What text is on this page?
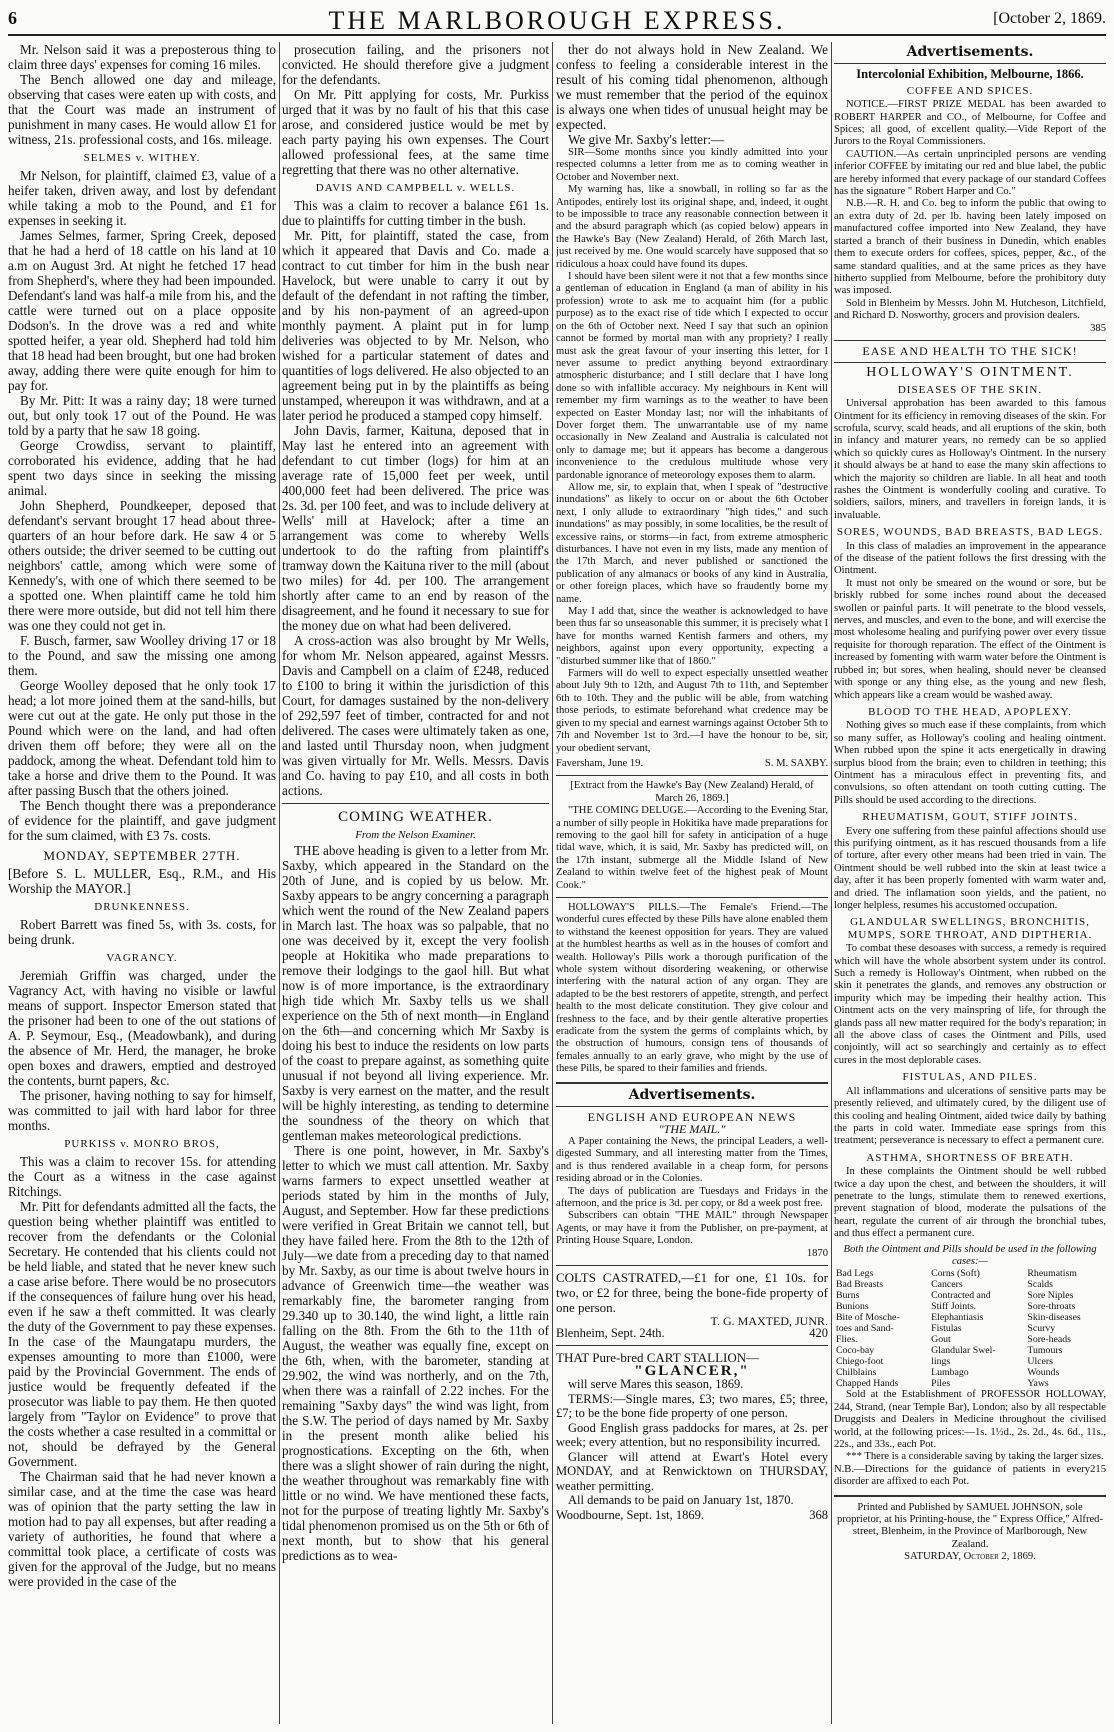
6	THE MARLBOROUGH EXPRESS.	[October 2, 1869.

Mr. Nelson said it was a preposterous thing to claim three days' expenses for coming 16 miles.

The Bench allowed one day and mileage, observing that cases were eaten up with costs, and that the Court was made an instrument of punishment in many cases. He would allow £1 for witness, 21s. professional costs, and 16s. mileage.

SELMES v. WITHEY.

Mr Nelson, for plaintiff, claimed £3, value of a heifer taken, driven away, and lost by defendant while taking a mob to the Pound, and £1 for expenses in seeking it.

James Selmes, farmer, Spring Creek, deposed that he had a herd of 18 cattle on his land at 10 a.m on August 3rd. At night he fetched 17 head from Shepherd's, where they had been impounded. Defendant's land was half-a mile from his, and the cattle were turned out on a place opposite Dodson's. In the drove was a red and white spotted heifer, a year old. Shepherd had told him that 18 head had been brought, but one had broken away, adding there were quite enough for him to pay for.

By Mr. Pitt: It was a rainy day; 18 were turned out, but only took 17 out of the Pound. He was told by a party that he saw 18 going.

George Crowdiss, servant to plaintiff, corroborated his evidence, adding that he had spent two days since in seeking the missing animal.

John Shepherd, Poundkeeper, deposed that defendant's servant brought 17 head about three-quarters of an hour before dark. He saw 4 or 5 others outside; the driver seemed to be cutting out neighbors' cattle, among which were some of Kennedy's, with one of which there seemed to be a spotted one. When plaintiff came he told him there were more outside, but did not tell him there was one they could not get in.

F. Busch, farmer, saw Woolley driving 17 or 18 to the Pound, and saw the missing one among them.

George Woolley deposed that he only took 17 head; a lot more joined them at the sand-hills, but were cut out at the gate. He only put those in the Pound which were on the land, and had often driven them off before; they were all on the paddock, among the wheat. Defendant told him to take a horse and drive them to the Pound. It was after passing Busch that the others joined.

The Bench thought there was a preponderance of evidence for the plaintiff, and gave judgment for the sum claimed, with £3 7s. costs.

MONDAY, SEPTEMBER 27TH.

[Before S. L. MULLER, Esq., R.M., and His Worship the MAYOR.]

DRUNKENNESS.

Robert Barrett was fined 5s, with 3s. costs, for being drunk.

VAGRANCY.

Jeremiah Griffin was charged, under the Vagrancy Act, with having no visible or lawful means of support. Inspector Emerson stated that the prisoner had been to one of the out stations of A. P. Seymour, Esq., (Meadowbank), and during the absence of Mr. Herd, the manager, he broke open boxes and drawers, emptied and destroyed the contents, burnt papers, &c.

The prisoner, having nothing to say for himself, was committed to jail with hard labor for three months.

PURKISS v. MONRO BROS,

This was a claim to recover 15s. for attending the Court as a witness in the case against Ritchings.

Mr. Pitt for defendants admitted all the facts, the question being whether plaintiff was entitled to recover from the defendants or the Colonial Secretary. He contended that his clients could not be held liable, and stated that he never knew such a case arise before. There would be no prosecutors if the consequences of failure hung over his head, even if he saw a theft committed. It was clearly the duty of the Government to pay these expenses. In the case of the Maungatapu murders, the expenses amounting to more than £1000, were paid by the Provincial Government. The ends of justice would be frequently defeated if the prosecutor was liable to pay them. He then quoted largely from "Taylor on Evidence" to prove that the costs whether a case resulted in a committal or not, should be defrayed by the General Government.

The Chairman said that he had never known a similar case, and at the time the case was heard was of opinion that the party setting the law in motion had to pay all expenses, but after reading a variety of authorities, he found that where a committal took place, a certificate of costs was given for the approval of the Judge, but no means were provided in the case of the

prosecution failing, and the prisoners not convicted. He should therefore give a judgment for the defendants.

On Mr. Pitt applying for costs, Mr. Purkiss urged that it was by no fault of his that this case arose, and considered justice would be met by each party paying his own expenses. The Court allowed professional fees, at the same time regretting that there was no other alternative.

DAVIS AND CAMPBELL v. WELLS.

This was a claim to recover a balance £61 1s. due to plaintiffs for cutting timber in the bush.

Mr. Pitt, for plaintiff, stated the case, from which it appeared that Davis and Co. made a contract to cut timber for him in the bush near Havelock, but were unable to carry it out by default of the defendant in not rafting the timber, and by his non-payment of an agreed-upon monthly payment. A plaint put in for lump deliveries was objected to by Mr. Nelson, who wished for a particular statement of dates and quantities of logs delivered. He also objected to an agreement being put in by the plaintiffs as being unstamped, whereupon it was withdrawn, and at a later period he produced a stamped copy himself.

John Davis, farmer, Kaituna, deposed that in May last he entered into an agreement with defendant to cut timber (logs) for him at an average rate of 15,000 feet per week, until 400,000 feet had been delivered. The price was 2s. 3d. per 100 feet, and was to include delivery at Wells' mill at Havelock; after a time an arrangement was come to whereby Wells undertook to do the rafting from plaintiff's tramway down the Kaituna river to the mill (about two miles) for 4d. per 100. The arrangement shortly after came to an end by reason of the disagreement, and he found it necessary to sue for the money due on what had been delivered.

A cross-action was also brought by Mr Wells, for whom Mr. Nelson appeared, against Messrs. Davis and Campbell on a claim of £248, reduced to £100 to bring it within the jurisdiction of this Court, for damages sustained by the non-delivery of 292,597 feet of timber, contracted for and not delivered. The cases were ultimately taken as one, and lasted until Thursday noon, when judgment was given virtually for Mr. Wells. Messrs. Davis and Co. having to pay £10, and all costs in both actions.

COMING WEATHER.
From the Nelson Examiner.

THE above heading is given to a letter from Mr. Saxby, which appeared in the Standard on the 20th of June, and is copied by us below. Mr. Saxby appears to be angry concerning a paragraph which went the round of the New Zealand papers in March last. The hoax was so palpable, that no one was deceived by it, except the very foolish people at Hokitika who made preparations to remove their lodgings to the gaol hill. But what now is of more importance, is the extraordinary high tide which Mr. Saxby tells us we shall experience on the 5th of next month—in England on the 6th—and concerning which Mr Saxby is doing his best to induce the residents on low parts of the coast to prepare against, as something quite unusual if not beyond all living experience. Mr. Saxby is very earnest on the matter, and the result will be highly interesting, as tending to determine the soundness of the theory on which that gentleman makes meteorological predictions.

There is one point, however, in Mr. Saxby's letter to which we must call attention. Mr. Saxby warns farmers to expect unsettled weather at periods stated by him in the months of July, August, and September. How far these predictions were verified in Great Britain we cannot tell, but they have failed here. From the 8th to the 12th of July—we date from a preceding day to that named by Mr. Saxby, as our time is about twelve hours in advance of Greenwich time—the weather was remarkably fine, the barometer ranging from 29.340 up to 30.140, the wind light, a little rain falling on the 8th. From the 6th to the 11th of August, the weather was equally fine, except on the 6th, when, with the barometer, standing at 29.902, the wind was northerly, and on the 7th, when there was a rainfall of 2.22 inches. For the remaining "Saxby days" the wind was light, from the S.W. The period of days named by Mr. Saxby in the present month alike belied his prognostications. Excepting on the 6th, when there was a slight shower of rain during the night, the weather throughout was remarkably fine with little or no wind. We have mentioned these facts, not for the purpose of treating lightly Mr. Saxby's tidal phenomenon promised us on the 5th or 6th of next month, but to show that his general predictions as to wea-

ther do not always hold in New Zealand. We confess to feeling a considerable interest in the result of his coming tidal phenomenon, although we must remember that the period of the equinox is always one when tides of unusual height may be expected.

We give Mr. Saxby's letter:—

SIR—Some months since you kindly admitted into your respected columns a letter from me as to coming weather in October and November next.

My warning has, like a snowball, in rolling so far as the Antipodes, entirely lost its original shape, and, indeed, it ought to be impossible to trace any reasonable connection between it and the absurd paragraph which (as copied below) appears in the Hawke's Bay (New Zealand) Herald, of 26th March last, just received by me. One would scarcely have supposed that so ridiculous a hoax could have found its dupes.

I should have been silent were it not that a few months since a gentleman of education in England (a man of ability in his profession) wrote to ask me to acquaint him (for a public purpose) as to the exact rise of tide which I expected to occur on the 6th of October next. Need I say that such an opinion cannot be formed by mortal man with any propriety? I really must ask the great favour of your inserting this letter, for I never assume to predict anything beyond extraordinary atmospheric disturbance; and I still declare that I have long done so with infallible accuracy. My neighbours in Kent will remember my firm warnings as to the weather to have been expected on Easter Monday last; nor will the inhabitants of Dover forget them. The unwarrantable use of my name occasionally in New Zealand and Australia is calculated not only to damage me; but it appears has become a dangerous inconvenience to the credulous multitude whose very pardonable ignorance of meteorology exposes them to alarm.

Allow me, sir, to explain that, when I speak of "destructive inundations" as likely to occur on or about the 6th October next, I only allude to extraordinary "high tides," and such inundations" as may possibly, in some localities, be the result of excessive rains, or storms—in fact, from extreme atmospheric disturbances. I have not even in my lists, made any mention of the 17th March, and never published or sanctioned the publication of any almanacs or books of any kind in Australia, or other foreign places, which have so fraudently borne my name.

May I add that, since the weather is acknowledged to have been thus far so unseasonable this summer, it is precisely what I have for months warned Kentish farmers and others, my neighbors, against upon every opportunity, expecting a "disturbed summer like that of 1860."

Farmers will do well to expect especially unsettled weather about July 9th to 12th, and August 7th to 11th, and September 6th to 10th. They and the public will be able, from watching those periods, to estimate beforehand what credence may be given to my special and earnest warnings against October 5th to 7th and November 1st to 3rd.—I have the honour to be, sir, your obedient servant,

Faversham, June 19.	S. M. SAXBY.

[Extract from the Hawke's Bay (New Zealand) Herald, of March 26, 1869.]

"THE COMING DELUGE.—According to the Evening Star, a number of silly people in Hokitika have made preparations for removing to the gaol hill for safety in anticipation of a huge tidal wave, which, it is said, Mr. Saxby has predicted will, on the 17th instant, submerge all the Middle Island of New Zealand to within twelve feet of the highest peak of Mount Cook."

HOLLOWAY'S PILLS.—The Female's Friend.—The wonderful cures effected by these Pills have alone enabled them to withstand the keenest opposition for years. They are valued at the humblest hearths as well as in the houses of comfort and wealth. Holloway's Pills work a thorough purification of the whole system without disordering weakening, or otherwise interfering with the natural action of any organ. They are adapted to be the best restorers of appetite, strength, and perfect health to the most delicate constitution. They give colour and freshness to the face, and by their gentle alterative properties eradicate from the system the germs of complaints which, by the obstruction of humours, consign tens of thousands of females annually to an early grave, who might by the use of these Pills, be spared to their families and friends.

Advertisements.
ENGLISH AND EUROPEAN NEWS
"THE MAIL."

A Paper containing the News, the principal Leaders, a well-digested Summary, and all interesting matter from the Times, and is thus rendered available in a cheap form, for persons residing abroad or in the Colonies.

The days of publication are Tuesdays and Fridays in the afternoon, and the price is 3d. per copy, or 8d a week post free.

Subscribers can obtain "THE MAIL" through Newspaper Agents, or may have it from the Publisher, on pre-payment, at Printing House Square, London.

1870

COLTS CASTRATED,—£1 for one, £1 10s. for two, or £2 for three, being the bone-fide property of one person.

T. G. MAXTED, JUNR.
Blenheim, Sept. 24th.	420

THAT Pure-bred CART STALLION—

"GLANCER,"

will serve Mares this season, 1869.

TERMS:—Single mares, £3; two mares, £5; three, £7; to be the bone fide property of one person.

Good English grass paddocks for mares, at 2s. per week; every attention, but no responsibility incurred.

Glancer will attend at Ewart's Hotel every MONDAY, and at Renwicktown on THURSDAY, weather permitting.

All demands to be paid on January 1st, 1870.

Woodbourne, Sept. 1st, 1869.	368
Advertisements.
Intercolonial Exhibition, Melbourne, 1866.
COFFEE AND SPICES.

NOTICE.—FIRST PRIZE MEDAL has been awarded to ROBERT HARPER and CO., of Melbourne, for Coffee and Spices; all good, of excellent quality.—Vide Report of the Jurors to the Royal Commissioners.

CAUTION.—As certain unprincipled persons are vending inferior COFFEE by imitating our red and blue label, the public are hereby informed that every package of our standard Coffees has the signature " Robert Harper and Co."

N.B.—R. H. and Co. beg to inform the public that owing to an extra duty of 2d. per lb. having been lately imposed on manufactured coffee imported into New Zealand, they have started a branch of their business in Dunedin, which enables them to execute orders for coffees, spices, pepper, &c., of the same standard qualities, and at the same prices as they have hitherto supplied from Melbourne, before the prohibitory duty was imposed.

Sold in Blenheim by Messrs. John M. Hutcheson, Litchfield, and Richard D. Nosworthy, grocers and provision dealers.

385
EASE AND HEALTH TO THE SICK!
HOLLOWAY'S OINTMENT.
DISEASES OF THE SKIN.

Universal approbation has been awarded to this famous Ointment for its efficiency in removing diseases of the skin. For scrofula, scurvy, scald heads, and all eruptions of the skin, both in infancy and maturer years, no remedy can be so applied which so quickly cures as Holloway's Ointment. In the nursery it should always be at hand to ease the many skin affections to which the majority so children are liable. In all heat and tooth rashes the Ointment is wonderfully cooling and curative. To soldiers, sailors, miners, and travellers in foreign lands, it is invaluable.

SORES, WOUNDS, BAD BREASTS, BAD LEGS.

In this class of maladies an improvement in the appearance of the disease of the patient follows the first dressing with the Ointment.

It must not only be smeared on the wound or sore, but be briskly rubbed for some inches round about the deceased swollen or painful parts. It will penetrate to the blood vessels, nerves, and muscles, and even to the bone, and will exercise the most wholesome healing and purifying power over every tissue requisite for thorough reparation. The effect of the Ointment is increased by fomenting with warm water before the Ointment is rubbed in; but sores, when healing, should never be cleansed with sponge or any thing else, as the young and new flesh, which appears like a cream would be washed away.

BLOOD TO THE HEAD, APOPLEXY.

Nothing gives so much ease if these complaints, from which so many suffer, as Holloway's cooling and healing ointment. When rubbed upon the spine it acts energetically in drawing surplus blood from the brain; even to children in teething; this Ointment has a miraculous effect in preventing fits, and convulsions, so often attendant on tooth cutting cutting. The Pills should be used according to the directions.

RHEUMATISM, GOUT, STIFF JOINTS.

Every one suffering from these painful affections should use this purifying ointment, as it has rescued thousands from a life of torture, after every other means had been tried in vain. The Ointment should be well rubbed into the skin at least twice a day, after it has been properly fomented with warm water and, and dried. The inflamation soon yields, and the patient, no longer helpless, resumes his accustomed occupation.

GLANDULAR SWELLINGS, BRONCHITIS, MUMPS, SORE THROAT, AND DIPTHERIA.

To combat these desoases with success, a remedy is required which will have the whole absorbent system under its control. Such a remedy is Holloway's Ointment, when rubbed on the skin it penetrates the glands, and removes any obstruction or impurity which may be impeding their healthy action. This Ointment acts on the very mainspring of life, for through the glands pass all new matter required for the body's reparation; in all the above class of cases the Ointment and Pills, used conjointly, will act so searchingly and certainly as to effect cures in the most deplorable cases.

FISTULAS, AND PILES.

All inflammations and ulcerations of sensitive parts may be presently relieved, and ultimately cured, by the diligent use of this cooling and healing Ointment, aided twice daily by bathing the parts in cold water. Immediate ease springs from this treatment; perseverance is necessary to effect a permanent cure.

ASTHMA, SHORTNESS OF BREATH.

In these complaints the Ointment should be well rubbed twice a day upon the chest, and between the shoulders, it will penetrate to the lungs, stimulate them to renewed exertions, prevent stagnation of blood, moderate the pulsations of the heart, regulate the current of air through the bronchial tubes, and thus effect a permanent cure.

Both the Ointment and Pills should be used in the following cases:—
Bad Legs	Corns (Soft)	Rheumatism
Bad Breasts	Cancers	Scalds
Burns	Contracted and	Sore Niples
Bunions	Stiff Joints.	Sore-throats
Bite of Mosche-	Elephantiasis	Skin-diseases
toes and Sand-	Fistulas	Scurvy
Flies.	Gout	Sore-heads
Coco-bay	Glandular Swel-	Tumours
Chiego-foot	lings	Ulcers
Chilblains	Lumbago	Wounds
Chapped Hands	Piles	Yaws

Sold at the Establishment of PROFESSOR HOLLOWAY, 244, Strand, (near Temple Bar), London; also by all respectable Druggists and Dealers in Medicine throughout the civilised world, at the following prices:—1s. 1½d., 2s. 2d., 4s. 6d., 11s., 22s., and 33s., each Pot.

*** There is a considerable saving by taking the larger sizes.

N.B.—Directions for the guidance of patients in every disorder are affixed to each Pot.
215

Printed and Published by SAMUEL JOHNSON, sole proprietor, at his Printing-house, the " Express Office," Alfred-street, Blenheim, in the Province of Marlborough, New Zealand.

SATURDAY, October 2, 1869.
